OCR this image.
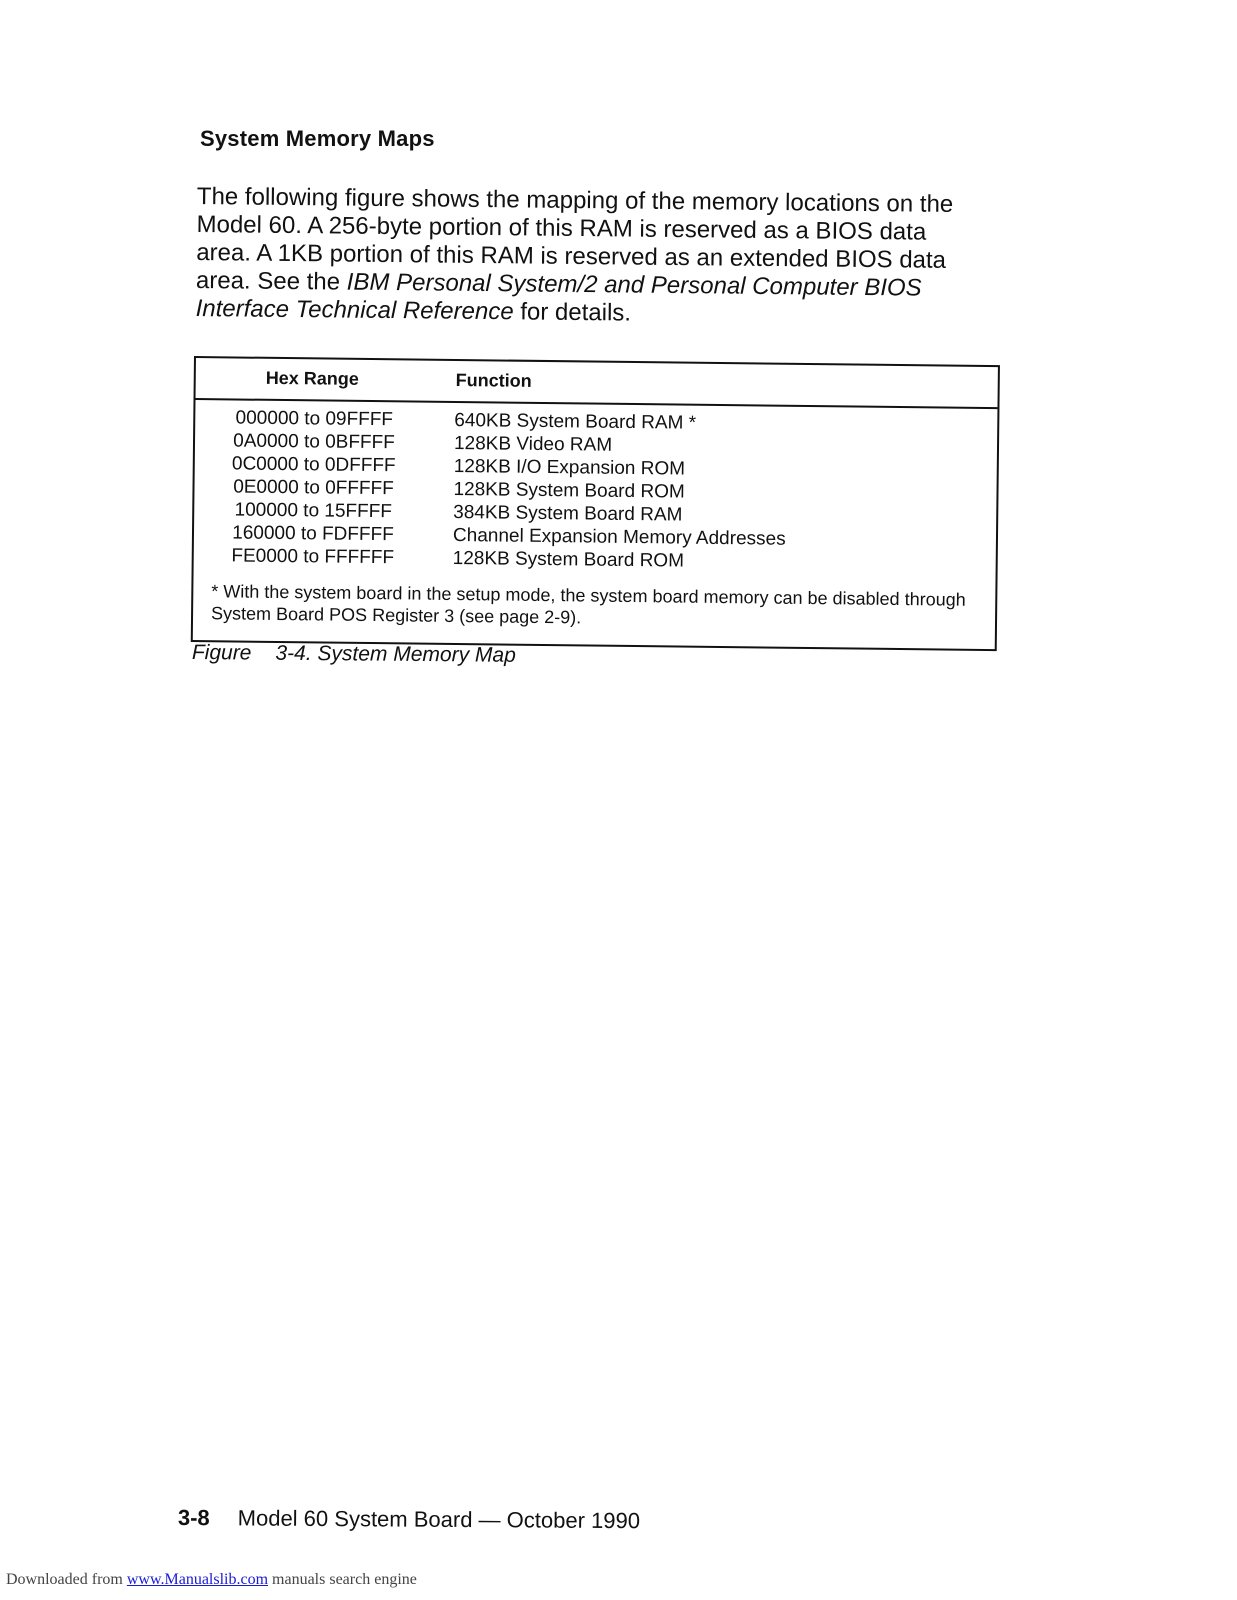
System Memory Maps

The following figure shows the mapping of the memory locations on the Model 60. A 256-byte portion of this RAM is reserved as a BIOS data area. A 1KB portion of this RAM is reserved as an extended BIOS data area. See the IBM Personal System/2 and Personal Computer BIOS Interface Technical Reference for details.

Hex Range	Function
000000 to 09FFFF	640KB System Board RAM *
0A0000 to 0BFFFF	128KB Video RAM
0C0000 to 0DFFFF	128KB I/O Expansion ROM
0E0000 to 0FFFFF	128KB System Board ROM
100000 to 15FFFF	384KB System Board RAM
160000 to FDFFFF	Channel Expansion Memory Addresses
FE0000 to FFFFFF	128KB System Board ROM

* With the system board in the setup mode, the system board memory can be disabled through System Board POS Register 3 (see page 2-9).

Figure 3-4. System Memory Map

3-8 Model 60 System Board — October 1990
Downloaded from www.Manualslib.com manuals search engine
